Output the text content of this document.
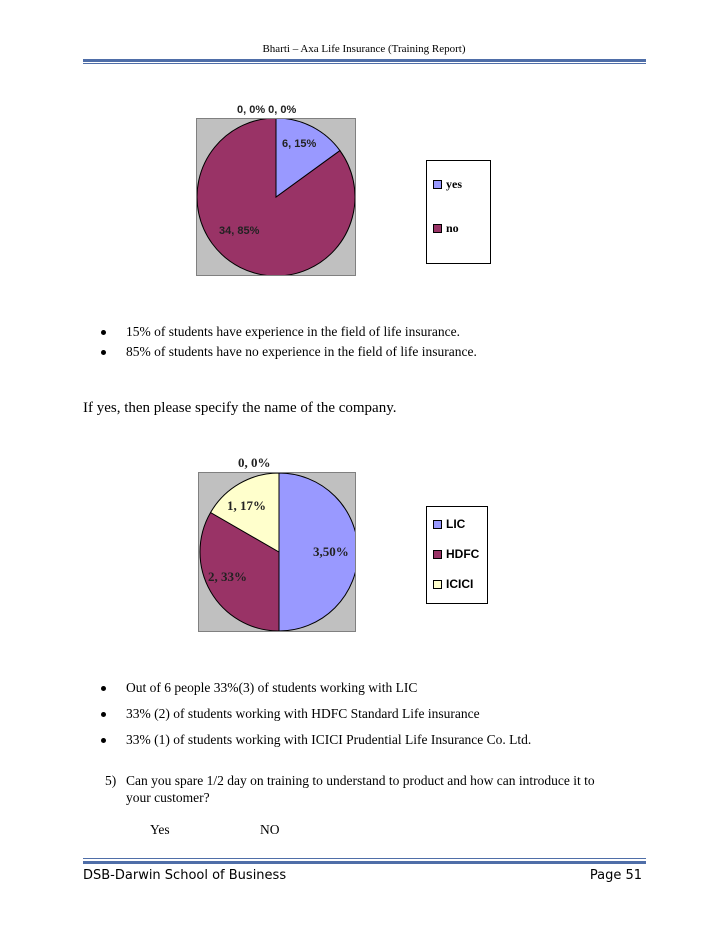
Bharti – Axa Life Insurance (Training Report)
0, 0% 0, 0%
6, 15%
34, 85%
yes
no
15% of students have experience in the field of life insurance.
85% of students have no experience in the field of life insurance.
If yes, then please specify the name of the company.
0, 0%
1, 17%
3,50%
2, 33%
LIC
HDFC
ICICI
Out of 6 people 33%(3) of students working with LIC
33% (2) of students working with HDFC Standard Life insurance
33% (1) of students working with ICICI Prudential Life Insurance Co. Ltd.
5) Can you spare 1/2 day on training to understand to product and how can introduce it to
your customer?
Yes	NO
DSB-Darwin School of Business	Page 51
